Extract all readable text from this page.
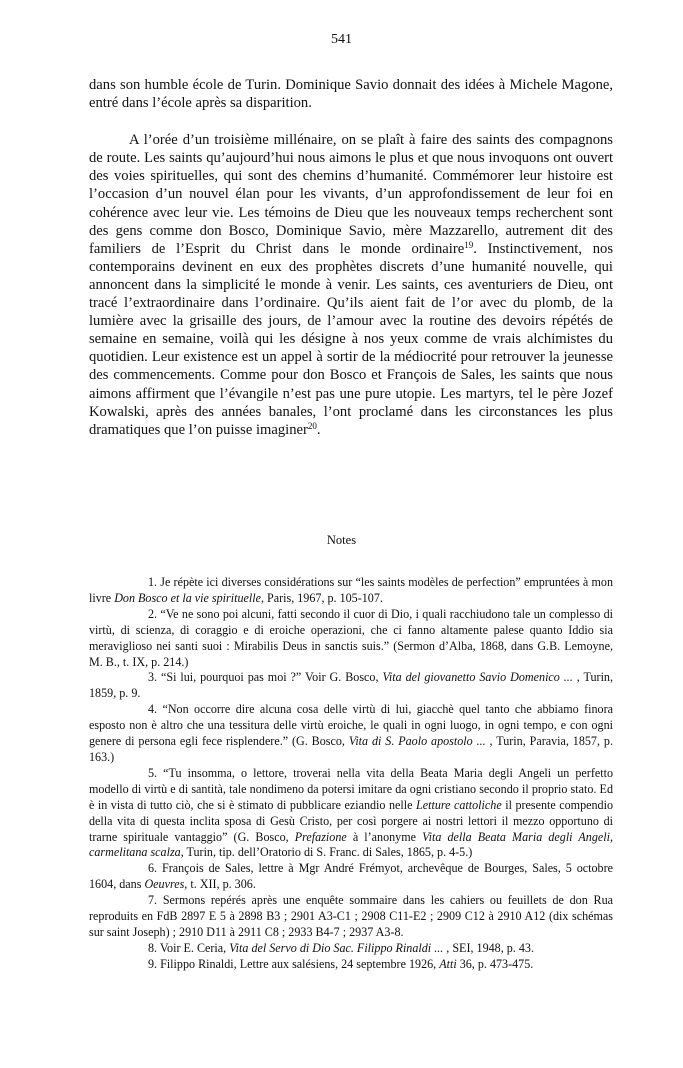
541

dans son humble école de Turin. Dominique Savio donnait des idées à Michele Magone, entré dans l’école après sa disparition.

A l’orée d’un troisième millénaire, on se plaît à faire des saints des compagnons de route. Les saints qu’aujourd’hui nous aimons le plus et que nous invoquons ont ouvert des voies spirituelles, qui sont des chemins d’humanité. Commémorer leur histoire est l’occasion d’un nouvel élan pour les vivants, d’un approfondissement de leur foi en cohérence avec leur vie. Les témoins de Dieu que les nouveaux temps recherchent sont des gens comme don Bosco, Dominique Savio, mère Mazzarello, autrement dit des familiers de l’Esprit du Christ dans le monde ordinaire$^{19}$. Instinctivement, nos contemporains devinent en eux des prophètes discrets d’une humanité nouvelle, qui annoncent dans la simplicité le monde à venir. Les saints, ces aventuriers de Dieu, ont tracé l’extraordinaire dans l’ordinaire. Qu’ils aient fait de l’or avec du plomb, de la lumière avec la grisaille des jours, de l’amour avec la routine des devoirs répétés de semaine en semaine, voilà qui les désigne à nos yeux comme de vrais alchimistes du quotidien. Leur existence est un appel à sortir de la médiocrité pour retrouver la jeunesse des commencements. Comme pour don Bosco et François de Sales, les saints que nous aimons affirment que l’évangile n’est pas une pure utopie. Les martyrs, tel le père Jozef Kowalski, après des années banales, l’ont proclamé dans les circonstances les plus dramatiques que l’on puisse imaginer$^{20}$.

Notes

1. Je répète ici diverses considérations sur “les saints modèles de perfection” empruntées à mon livre Don Bosco et la vie spirituelle, Paris, 1967, p. 105-107.

2. “Ve ne sono poi alcuni, fatti secondo il cuor di Dio, i quali racchiudono tale un complesso di virtù, di scienza, di coraggio e di eroiche operazioni, che ci fanno altamente palese quanto Iddio sia meraviglioso nei santi suoi : Mirabilis Deus in sanctis suis.” (Sermon d’Alba, 1868, dans G.B. Lemoyne, M. B., t. IX, p. 214.)

3. “Si lui, pourquoi pas moi ?” Voir G. Bosco, Vita del giovanetto Savio Domenico ... , Turin, 1859, p. 9.

4. “Non occorre dire alcuna cosa delle virtù di lui, giacchè quel tanto che abbiamo finora esposto non è altro che una tessitura delle virtù eroiche, le quali in ogni luogo, in ogni tempo, e con ogni genere di persona egli fece risplendere.” (G. Bosco, Vita di S. Paolo apostolo ... , Turin, Paravia, 1857, p. 163.)

5. “Tu insomma, o lettore, troverai nella vita della Beata Maria degli Angeli un perfetto modello di virtù e di santità, tale nondimeno da potersi imitare da ogni cristiano secondo il proprio stato. Ed è in vista di tutto ciò, che si è stimato di pubblicare eziandio nelle Letture cattoliche il presente compendio della vita di questa inclita sposa di Gesù Cristo, per così porgere ai nostri lettori il mezzo opportuno di trarne spirituale vantaggio” (G. Bosco, Prefazione à l’anonyme Vita della Beata Maria degli Angeli, carmelitana scalza, Turin, tip. dell’Oratorio di S. Franc. di Sales, 1865, p. 4-5.)

6. François de Sales, lettre à Mgr André Frémyot, archevêque de Bourges, Sales, 5 octobre 1604, dans Oeuvres, t. XII, p. 306.

7. Sermons repérés après une enquête sommaire dans les cahiers ou feuillets de don Rua reproduits en FdB 2897 E 5 à 2898 B3 ; 2901 A3-C1 ; 2908 C11-E2 ; 2909 C12 à 2910 A12 (dix schémas sur saint Joseph) ; 2910 D11 à 2911 C8 ; 2933 B4-7 ; 2937 A3-8.

8. Voir E. Ceria, Vita del Servo di Dio Sac. Filippo Rinaldi ... , SEI, 1948, p. 43.

9. Filippo Rinaldi, Lettre aux salésiens, 24 septembre 1926, Atti 36, p. 473-475.
